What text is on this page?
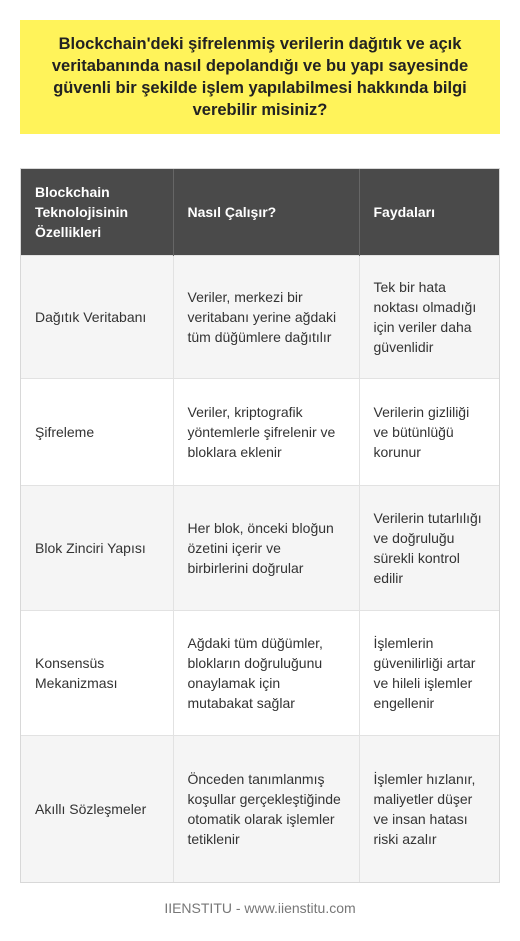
Blockchain'deki şifrelenmiş verilerin dağıtık ve açık veritabanında nasıl depolandığı ve bu yapı sayesinde güvenli bir şekilde işlem yapılabilmesi hakkında bilgi verebilir misiniz?
Blockchain Teknolojisinin Özellikleri	Nasıl Çalışır?	Faydaları
Dağıtık Veritabanı	Veriler, merkezi bir veritabanı yerine ağdaki tüm düğümlere dağıtılır	Tek bir hata noktası olmadığı için veriler daha güvenlidir
Şifreleme	Veriler, kriptografik yöntemlerle şifrelenir ve bloklara eklenir	Verilerin gizliliği ve bütünlüğü korunur
Blok Zinciri Yapısı	Her blok, önceki bloğun özetini içerir ve birbirlerini doğrular	Verilerin tutarlılığı ve doğruluğu sürekli kontrol edilir
Konsensüs Mekanizması	Ağdaki tüm düğümler, blokların doğruluğunu onaylamak için mutabakat sağlar	İşlemlerin güvenilirliği artar ve hileli işlemler engellenir
Akıllı Sözleşmeler	Önceden tanımlanmış koşullar gerçekleştiğinde otomatik olarak işlemler tetiklenir	İşlemler hızlanır, maliyetler düşer ve insan hatası riski azalır
IIENSTITU - www.iienstitu.com
